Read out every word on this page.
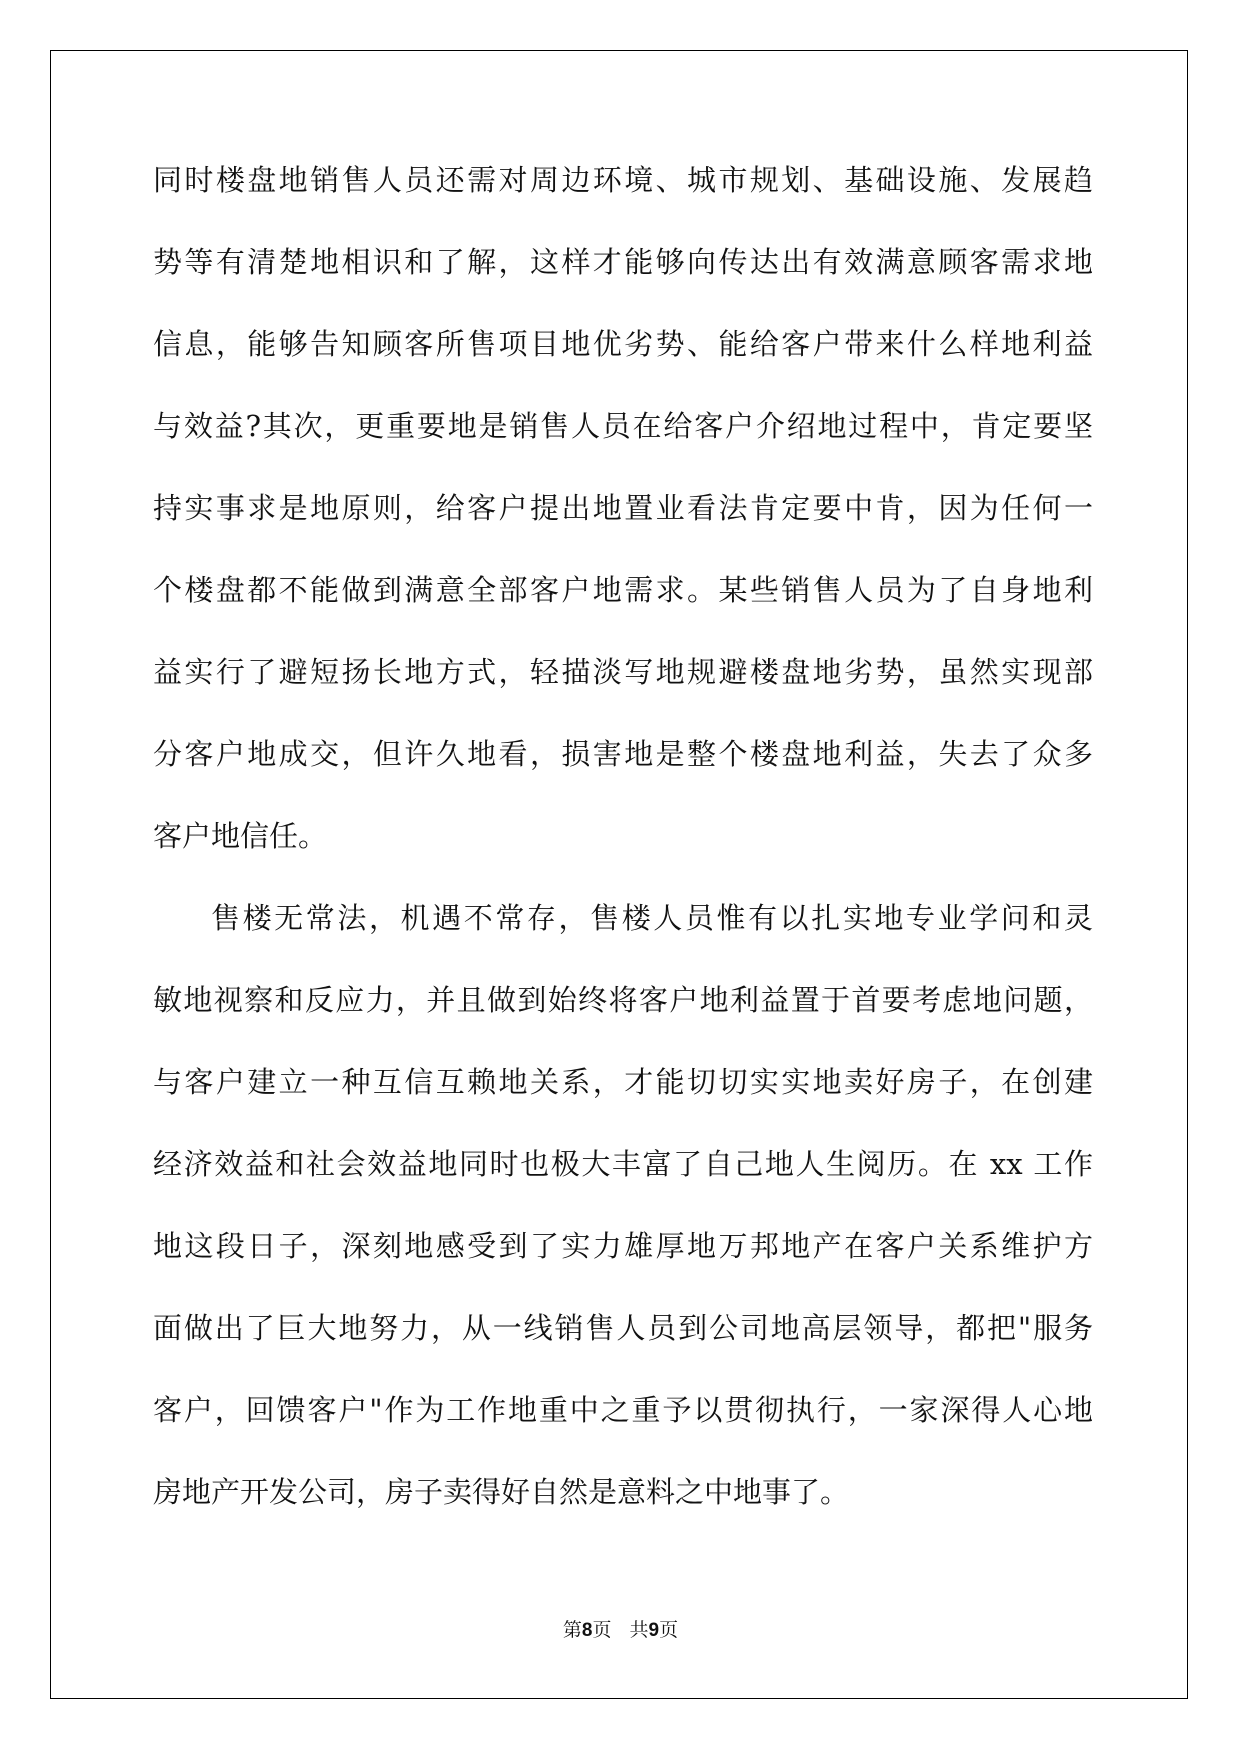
同时楼盘地销售人员还需对周边环境、城市规划、基础设施、发展趋
势等有清楚地相识和了解，这样才能够向传达出有效满意顾客需求地
信息，能够告知顾客所售项目地优劣势、能给客户带来什么样地利益
与效益?其次，更重要地是销售人员在给客户介绍地过程中，肯定要坚
持实事求是地原则，给客户提出地置业看法肯定要中肯，因为任何一
个楼盘都不能做到满意全部客户地需求。某些销售人员为了自身地利
益实行了避短扬长地方式，轻描淡写地规避楼盘地劣势，虽然实现部
分客户地成交，但许久地看，损害地是整个楼盘地利益，失去了众多
客户地信任。
售楼无常法，机遇不常存，售楼人员惟有以扎实地专业学问和灵
敏地视察和反应力，并且做到始终将客户地利益置于首要考虑地问题，
与客户建立一种互信互赖地关系，才能切切实实地卖好房子，在创建
经济效益和社会效益地同时也极大丰富了自己地人生阅历。在 xx 工作
地这段日子，深刻地感受到了实力雄厚地万邦地产在客户关系维护方
面做出了巨大地努力，从一线销售人员到公司地高层领导，都把"服务
客户，回馈客户"作为工作地重中之重予以贯彻执行，一家深得人心地
房地产开发公司，房子卖得好自然是意料之中地事了。
第8页 共9页
